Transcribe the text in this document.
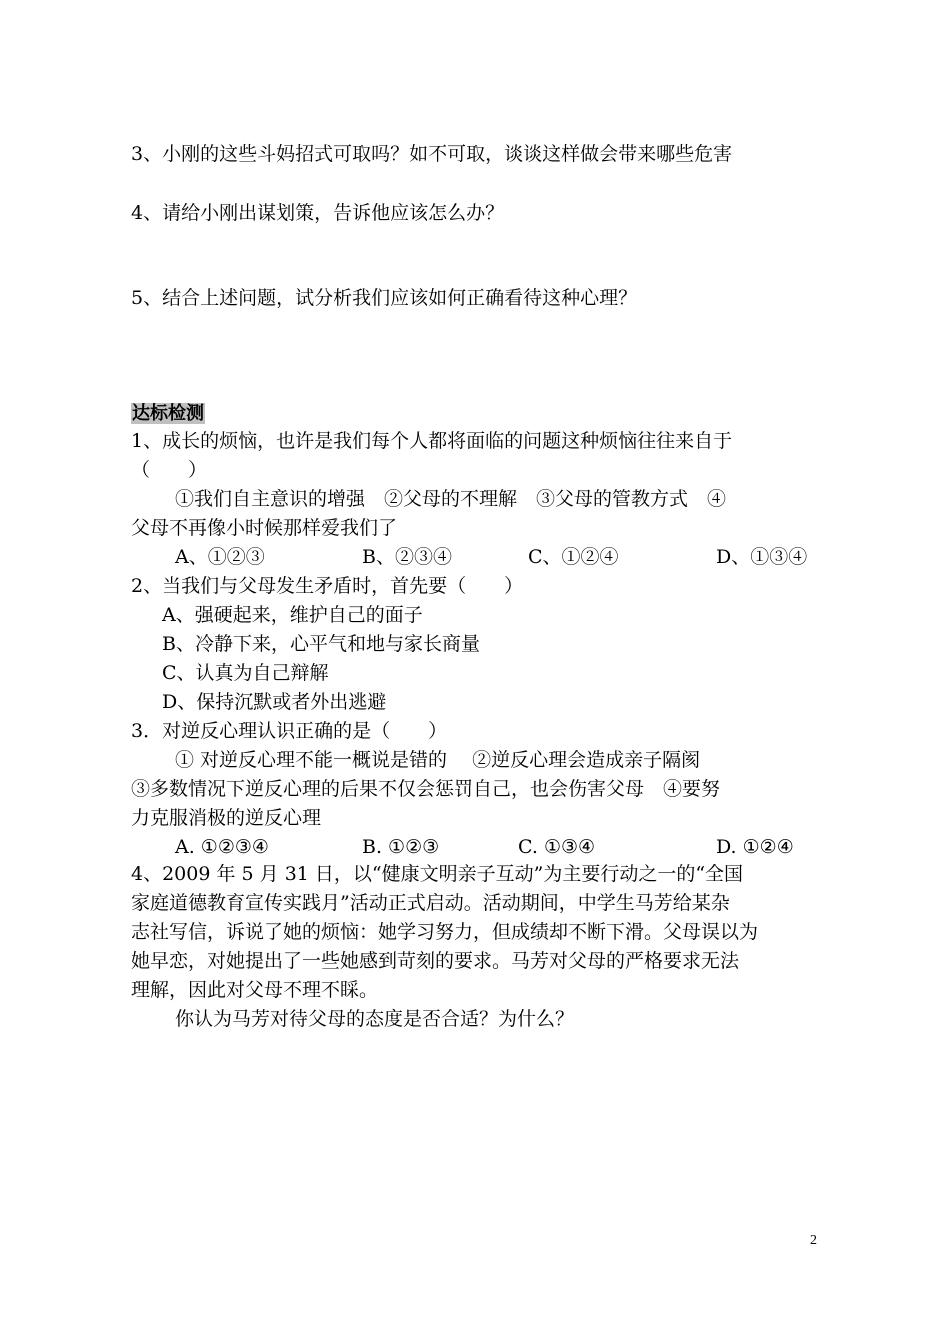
3、小刚的这些斗妈招式可取吗？如不可取，谈谈这样做会带来哪些危害
4、请给小刚出谋划策，告诉他应该怎么办？
5、结合上述问题，试分析我们应该如何正确看待这种心理？
达标检测
1、成长的烦恼，也许是我们每个人都将面临的问题这种烦恼往往来自于
（　　）
①我们自主意识的增强　②父母的不理解　③父母的管教方式　④
父母不再像小时候那样爱我们了
A、①②③	B、②③④	C、①②④	D、①③④
2、当我们与父母发生矛盾时，首先要（　　）
A、强硬起来，维护自己的面子
B、冷静下来，心平气和地与家长商量
C、认真为自己辩解
D、保持沉默或者外出逃避
3．对逆反心理认识正确的是（　　）
① 对逆反心理不能一概说是错的　 ②逆反心理会造成亲子隔阂
③多数情况下逆反心理的后果不仅会惩罚自己，也会伤害父母　④要努
力克服消极的逆反心理
A. ①②③④	B. ①②③	C. ①③④	D. ①②④
4、2009 年 5 月 31 日，以“健康文明亲子互动”为主要行动之一的“全国
家庭道德教育宣传实践月”活动正式启动。活动期间，中学生马芳给某杂
志社写信，诉说了她的烦恼：她学习努力，但成绩却不断下滑。父母误以为
她早恋，对她提出了一些她感到苛刻的要求。马芳对父母的严格要求无法
理解，因此对父母不理不睬。
你认为马芳对待父母的态度是否合适？为什么？
2
